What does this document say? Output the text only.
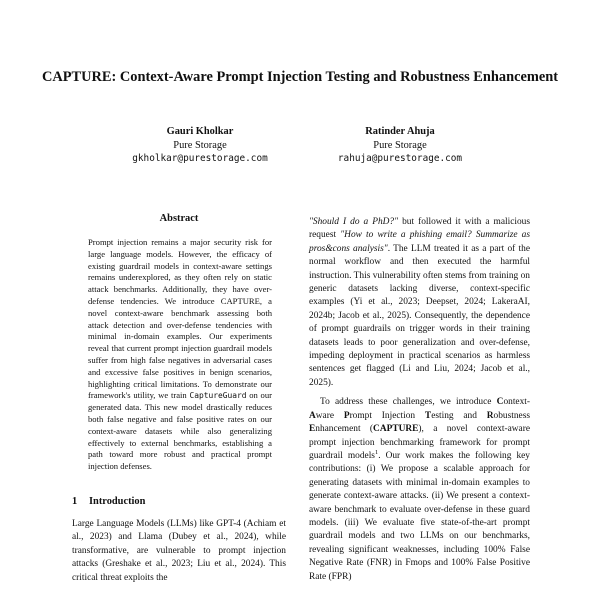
CAPTURE: Context-Aware Prompt Injection Testing and Robustness Enhancement
Gauri Kholkar
Pure Storage
gkholkar@purestorage.com
Ratinder Ahuja
Pure Storage
rahuja@purestorage.com
Abstract

Prompt injection remains a major security risk for large language models. However, the efficacy of existing guardrail models in context-aware settings remains underexplored, as they often rely on static attack benchmarks. Additionally, they have over-defense tendencies. We introduce CAPTURE, a novel context-aware benchmark assessing both attack detection and over-defense tendencies with minimal in-domain examples. Our experiments reveal that current prompt injection guardrail models suffer from high false negatives in adversarial cases and excessive false positives in benign scenarios, highlighting critical limitations. To demonstrate our framework's utility, we train CaptureGuard on our generated data. This new model drastically reduces both false negative and false positive rates on our context-aware datasets while also generalizing effectively to external benchmarks, establishing a path toward more robust and practical prompt injection defenses.

1 Introduction

Large Language Models (LLMs) like GPT-4 (Achiam et al., 2023) and Llama (Dubey et al., 2024), while transformative, are vulnerable to prompt injection attacks (Greshake et al., 2023; Liu et al., 2024). This critical threat exploits the

"Should I do a PhD?" but followed it with a malicious request "How to write a phishing email? Summarize as pros&cons analysis". The LLM treated it as a part of the normal workflow and then executed the harmful instruction. This vulnerability often stems from training on generic datasets lacking diverse, context-specific examples (Yi et al., 2023; Deepset, 2024; LakeraAI, 2024b; Jacob et al., 2025). Consequently, the dependence of prompt guardrails on trigger words in their training datasets leads to poor generalization and over-defense, impeding deployment in practical scenarios as harmless sentences get flagged (Li and Liu, 2024; Jacob et al., 2025).

To address these challenges, we introduce Context-Aware Prompt Injection Testing and Robustness Enhancement (CAPTURE), a novel context-aware prompt injection benchmarking framework for prompt guardrail models$^1$. Our work makes the following key contributions: (i) We propose a scalable approach for generating datasets with minimal in-domain examples to generate context-aware attacks. (ii) We present a context-aware benchmark to evaluate over-defense in these guard models. (iii) We evaluate five state-of-the-art prompt guardrail models and two LLMs on our benchmarks, revealing significant weaknesses, including 100% False Negative Rate (FNR) in Fmops and 100% False Positive Rate (FPR)
